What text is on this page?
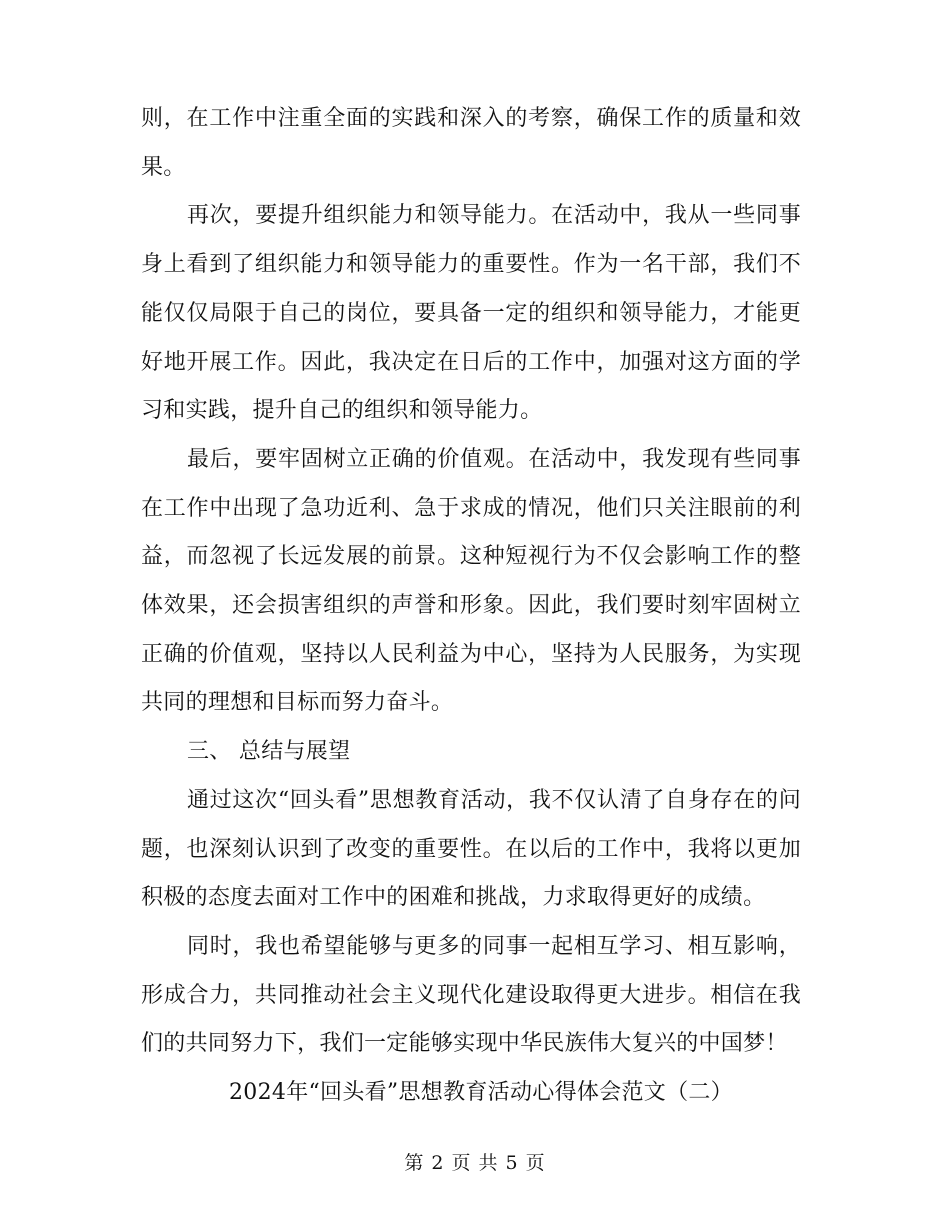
则，在工作中注重全面的实践和深入的考察，确保工作的质量和效果。

再次，要提升组织能力和领导能力。在活动中，我从一些同事身上看到了组织能力和领导能力的重要性。作为一名干部，我们不能仅仅局限于自己的岗位，要具备一定的组织和领导能力，才能更好地开展工作。因此，我决定在日后的工作中，加强对这方面的学习和实践，提升自己的组织和领导能力。

最后，要牢固树立正确的价值观。在活动中，我发现有些同事在工作中出现了急功近利、急于求成的情况，他们只关注眼前的利益，而忽视了长远发展的前景。这种短视行为不仅会影响工作的整体效果，还会损害组织的声誉和形象。因此，我们要时刻牢固树立正确的价值观，坚持以人民利益为中心，坚持为人民服务，为实现共同的理想和目标而努力奋斗。

三、 总结与展望

通过这次“回头看”思想教育活动，我不仅认清了自身存在的问题，也深刻认识到了改变的重要性。在以后的工作中，我将以更加积极的态度去面对工作中的困难和挑战，力求取得更好的成绩。

同时，我也希望能够与更多的同事一起相互学习、相互影响，形成合力，共同推动社会主义现代化建设取得更大进步。相信在我们的共同努力下，我们一定能够实现中华民族伟大复兴的中国梦！

2024年“回头看”思想教育活动心得体会范文（二）

第 2 页 共 5 页
